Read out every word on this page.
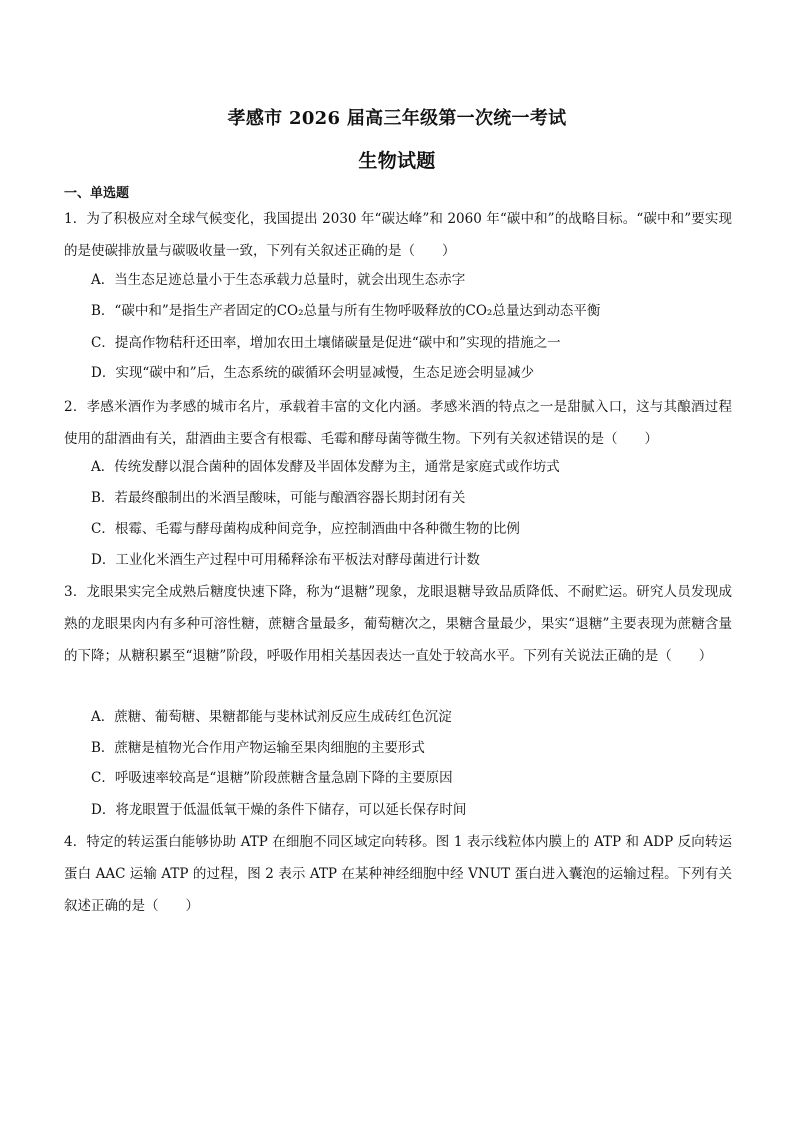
孝感市 2026 届高三年级第一次统一考试
生物试题
一、单选题
1．为了积极应对全球气候变化，我国提出 2030 年“碳达峰”和 2060 年“碳中和”的战略目标。“碳中和”要实现的是使碳排放量与碳吸收量一致，下列有关叙述正确的是（　　）
A．当生态足迹总量小于生态承载力总量时，就会出现生态赤字
B．“碳中和”是指生产者固定的CO₂总量与所有生物呼吸释放的CO₂总量达到动态平衡
C．提高作物秸秆还田率，增加农田土壤储碳量是促进“碳中和”实现的措施之一
D．实现“碳中和”后，生态系统的碳循环会明显减慢，生态足迹会明显减少
2．孝感米酒作为孝感的城市名片，承载着丰富的文化内涵。孝感米酒的特点之一是甜腻入口，这与其酿酒过程使用的甜酒曲有关，甜酒曲主要含有根霉、毛霉和酵母菌等微生物。下列有关叙述错误的是（　　）
A．传统发酵以混合菌种的固体发酵及半固体发酵为主，通常是家庭式或作坊式
B．若最终酿制出的米酒呈酸味，可能与酿酒容器长期封闭有关
C．根霉、毛霉与酵母菌构成种间竞争，应控制酒曲中各种微生物的比例
D．工业化米酒生产过程中可用稀释涂布平板法对酵母菌进行计数
3．龙眼果实完全成熟后糖度快速下降，称为“退糖”现象，龙眼退糖导致品质降低、不耐贮运。研究人员发现成熟的龙眼果肉内有多种可溶性糖，蔗糖含量最多，葡萄糖次之，果糖含量最少，果实“退糖”主要表现为蔗糖含量的下降；从糖积累至“退糖”阶段，呼吸作用相关基因表达一直处于较高水平。下列有关说法正确的是（　　）
A．蔗糖、葡萄糖、果糖都能与斐林试剂反应生成砖红色沉淀
B．蔗糖是植物光合作用产物运输至果肉细胞的主要形式
C．呼吸速率较高是“退糖”阶段蔗糖含量急剧下降的主要原因
D．将龙眼置于低温低氧干燥的条件下储存，可以延长保存时间
4．特定的转运蛋白能够协助 ATP 在细胞不同区域定向转移。图 1 表示线粒体内膜上的 ATP 和 ADP 反向转运蛋白 AAC 运输 ATP 的过程，图 2 表示 ATP 在某种神经细胞中经 VNUT 蛋白进入囊泡的运输过程。下列有关叙述正确的是（　　）
